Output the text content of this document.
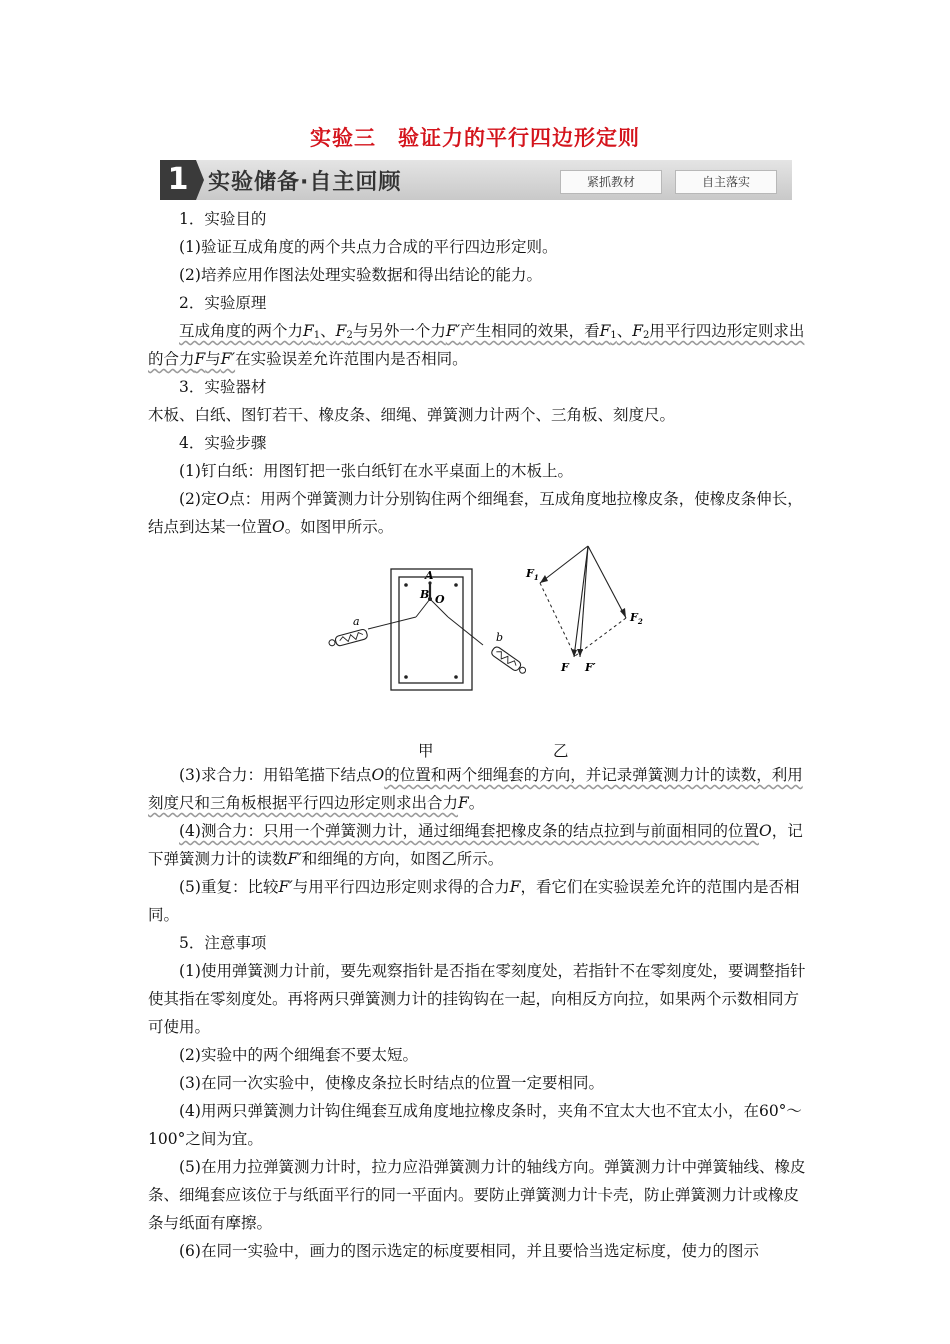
实验三　验证力的平行四边形定则
1 实验储备·自主回顾	紧抓教材	自主落实

1．实验目的

(1)验证互成角度的两个共点力合成的平行四边形定则。

(2)培养应用作图法处理实验数据和得出结论的能力。

2．实验原理

互成角度的两个力$F_1$、$F_2$与另外一个力F′产生相同的效果，看$F_1$、$F_2$用平行四边形定则求出的合力F与F′在实验误差允许范围内是否相同。

3．实验器材

木板、白纸、图钉若干、橡皮条、细绳、弹簧测力计两个、三角板、刻度尺。

4．实验步骤

(1)钉白纸：用图钉把一张白纸钉在水平桌面上的木板上。

(2)定O点：用两个弹簧测力计分别钩住两个细绳套，互成角度地拉橡皮条，使橡皮条伸长，结点到达某一位置O。如图甲所示。

A
B O
a
b
$F_1$
$F_2$
F F′
甲	乙

(3)求合力：用铅笔描下结点O的位置和两个细绳套的方向，并记录弹簧测力计的读数，利用刻度尺和三角板根据平行四边形定则求出合力F。

(4)测合力：只用一个弹簧测力计，通过细绳套把橡皮条的结点拉到与前面相同的位置O，记下弹簧测力计的读数F′和细绳的方向，如图乙所示。

(5)重复：比较F′与用平行四边形定则求得的合力F，看它们在实验误差允许的范围内是否相同。

5．注意事项

(1)使用弹簧测力计前，要先观察指针是否指在零刻度处，若指针不在零刻度处，要调整指针使其指在零刻度处。再将两只弹簧测力计的挂钩钩在一起，向相反方向拉，如果两个示数相同方可使用。

(2)实验中的两个细绳套不要太短。

(3)在同一次实验中，使橡皮条拉长时结点的位置一定要相同。

(4)用两只弹簧测力计钩住绳套互成角度地拉橡皮条时，夹角不宜太大也不宜太小，在60°～100°之间为宜。

(5)在用力拉弹簧测力计时，拉力应沿弹簧测力计的轴线方向。弹簧测力计中弹簧轴线、橡皮条、细绳套应该位于与纸面平行的同一平面内。要防止弹簧测力计卡壳，防止弹簧测力计或橡皮条与纸面有摩擦。

(6)在同一实验中，画力的图示选定的标度要相同，并且要恰当选定标度，使力的图示
